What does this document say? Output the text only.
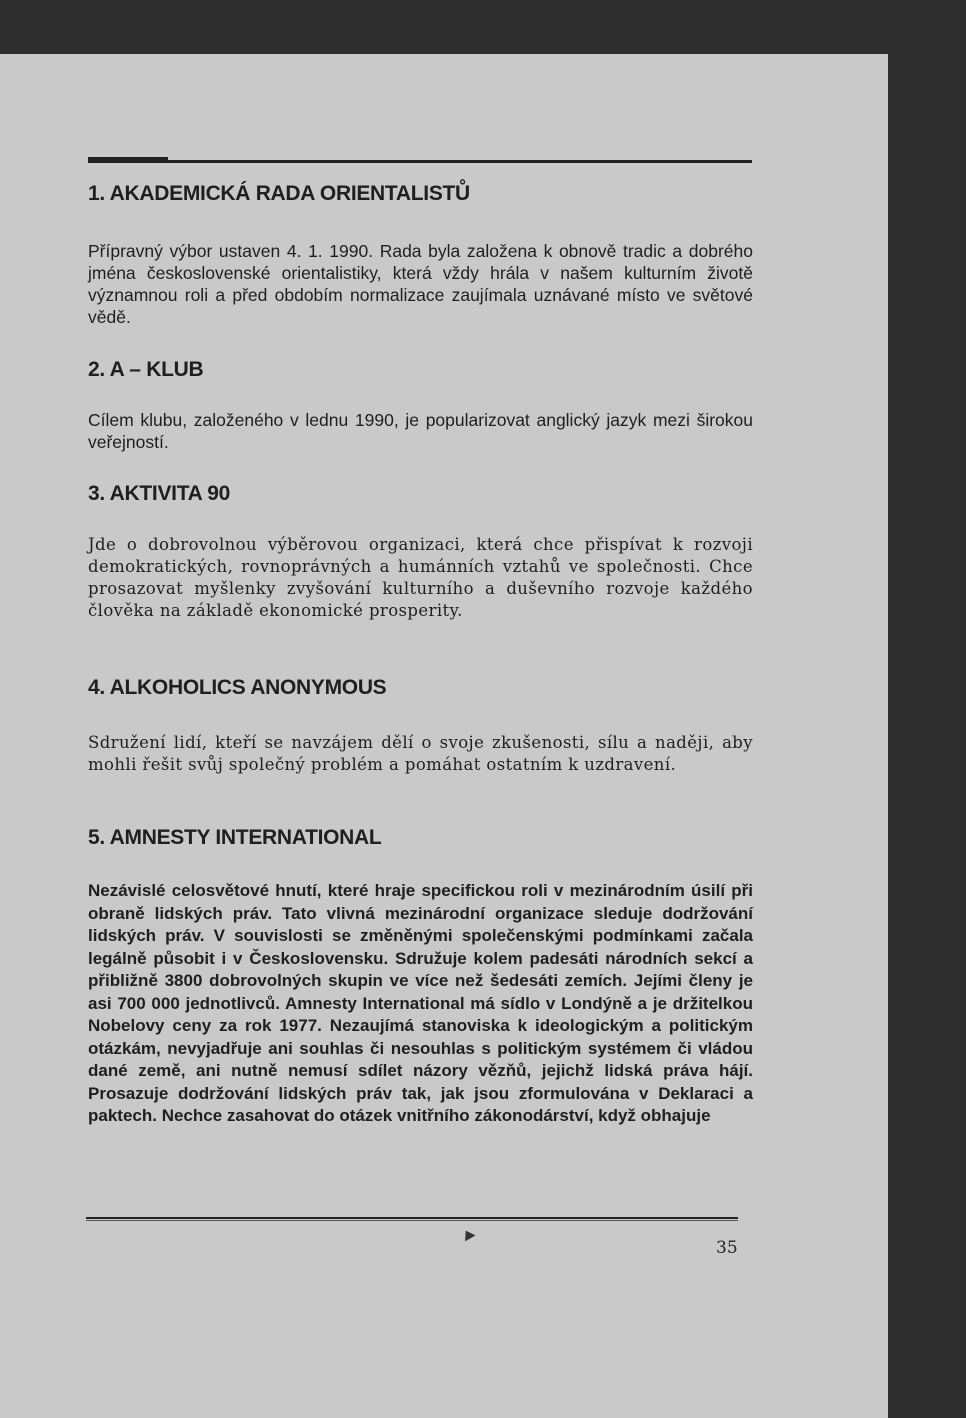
1. AKADEMICKÁ RADA ORIENTALISTŮ

Přípravný výbor ustaven 4. 1. 1990. Rada byla založena k obnově tradic a dobrého jména československé orientalistiky, která vždy hrála v našem kulturním životě významnou roli a před obdobím normalizace zaujímala uznávané místo ve světové vědě.

2. A – KLUB

Cílem klubu, založeného v lednu 1990, je popularizovat anglický jazyk mezi širokou veřejností.

3. AKTIVITA 90

Jde o dobrovolnou výběrovou organizaci, která chce přispívat k rozvoji demokratických, rovnoprávných a humánních vztahů ve společnosti. Chce prosazovat myšlenky zvyšování kulturního a duševního rozvoje každého člověka na základě ekonomické prosperity.

4. ALKOHOLICS ANONYMOUS

Sdružení lidí, kteří se navzájem dělí o svoje zkušenosti, sílu a naději, aby mohli řešit svůj společný problém a pomáhat ostatním k uzdravení.

5. AMNESTY INTERNATIONAL

Nezávislé celosvětové hnutí, které hraje specifickou roli v mezinárodním úsilí při obraně lidských práv. Tato vlivná mezinárodní organizace sleduje dodržování lidských práv. V souvislosti se změněnými společenskými podmínkami začala legálně působit i v Československu. Sdružuje kolem padesáti národních sekcí a přibližně 3800 dobrovolných skupin ve více než šedesáti zemích. Jejími členy je asi 700 000 jednotlivců. Amnesty International má sídlo v Londýně a je držitelkou Nobelovy ceny za rok 1977. Nezaujímá stanoviska k ideologickým a politickým otázkám, nevyjadřuje ani souhlas či nesouhlas s politickým systémem či vládou dané země, ani nutně nemusí sdílet názory vězňů, jejichž lidská práva hájí. Prosazuje dodržování lidských práv tak, jak jsou zformulována v Deklaraci a paktech. Nechce zasahovat do otázek vnitřního zákonodárství, když obhajuje

35
